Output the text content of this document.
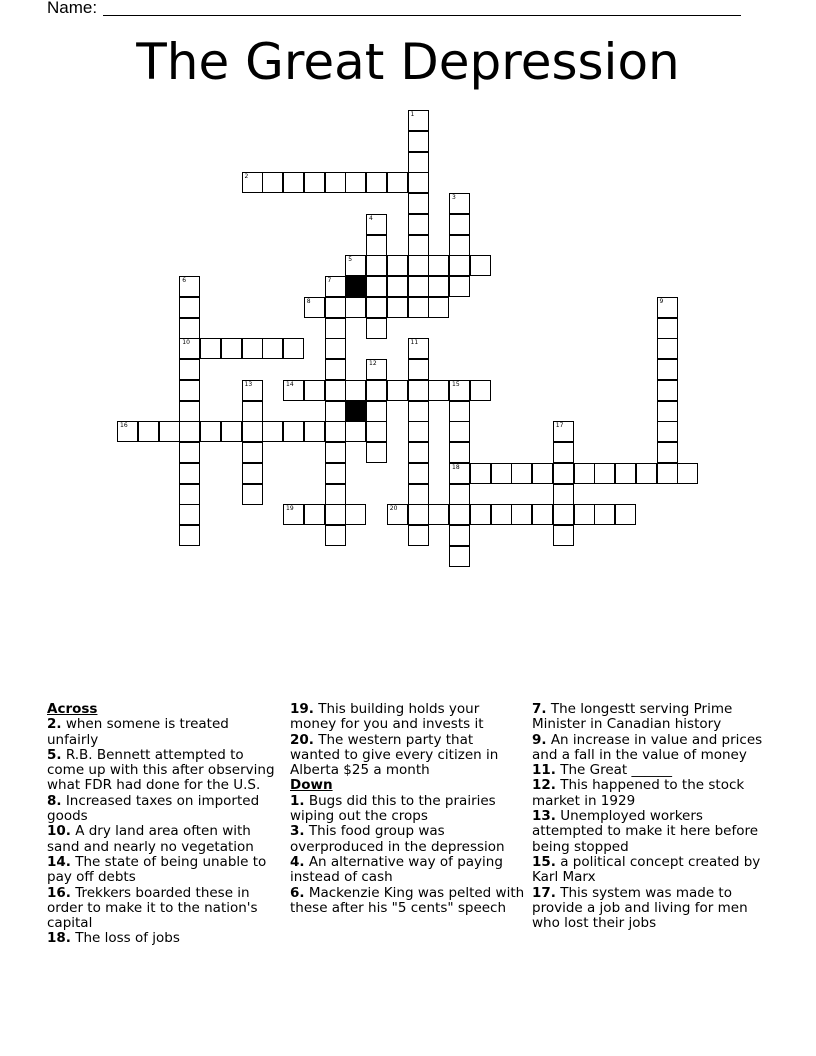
Name:
The Great Depression
1
2
3
4
5
6	7
8	9
10	11
12
13	14	15
16	17
18
19	20
Across
2. when somene is treated unfairly
5. R.B. Bennett attempted to come up with this after observing what FDR had done for the U.S.
8. Increased taxes on imported goods
10. A dry land area often with sand and nearly no vegetation
14. The state of being unable to pay off debts
16. Trekkers boarded these in order to make it to the nation's capital
18. The loss of jobs
19. This building holds your money for you and invests it
20. The western party that wanted to give every citizen in Alberta $25 a month
Down
1. Bugs did this to the prairies wiping out the crops
3. This food group was overproduced in the depression
4. An alternative way of paying instead of cash
6. Mackenzie King was pelted with these after his "5 cents" speech
7. The longestt serving Prime Minister in Canadian history
9. An increase in value and prices and a fall in the value of money
11. The Great ______
12. This happened to the stock market in 1929
13. Unemployed workers attempted to make it here before being stopped
15. a political concept created by Karl Marx
17. This system was made to provide a job and living for men who lost their jobs
